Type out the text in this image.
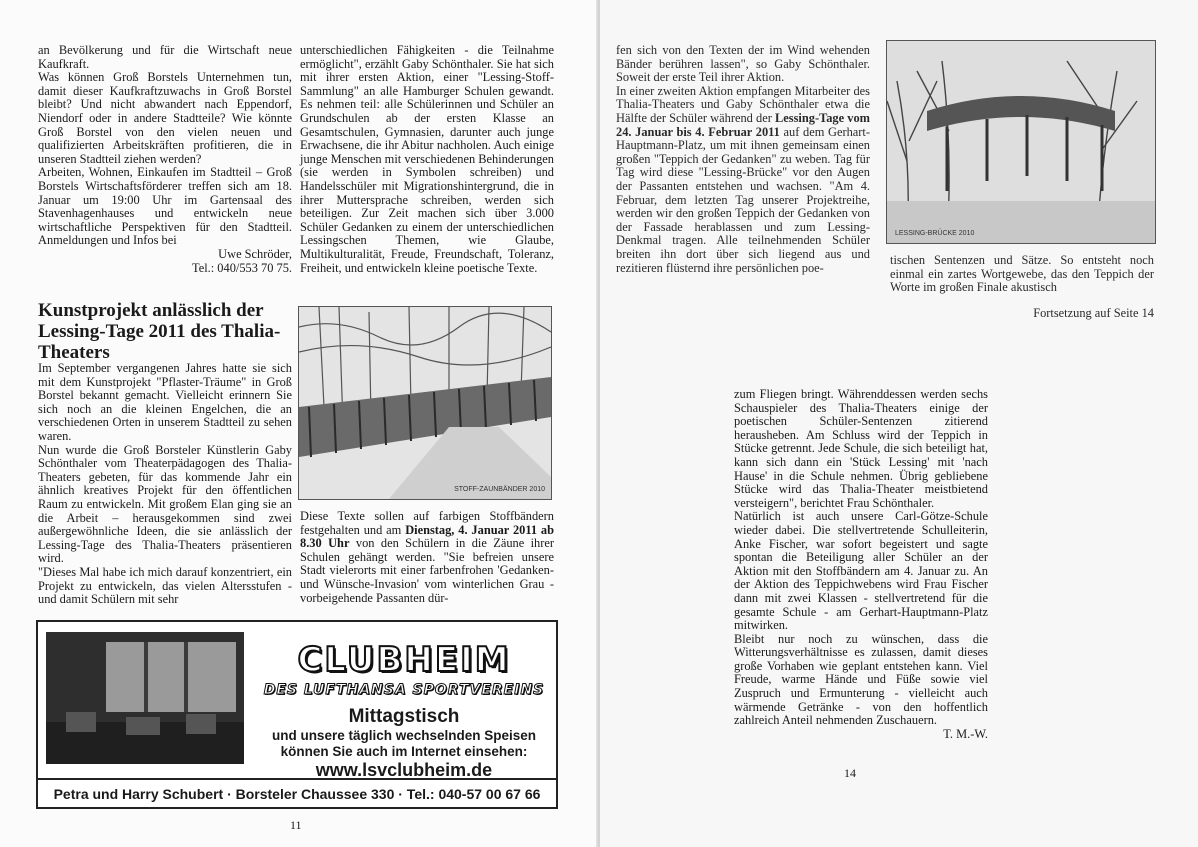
an Bevölkerung und für die Wirtschaft neue Kaufkraft.

Was können Groß Borstels Unternehmen tun, damit dieser Kaufkraftzuwachs in Groß Borstel bleibt? Und nicht abwandert nach Eppendorf, Niendorf oder in andere Stadtteile? Wie könnte Groß Borstel von den vielen neuen und qualifizierten Arbeitskräften profitieren, die in unseren Stadtteil ziehen werden?

Arbeiten, Wohnen, Einkaufen im Stadtteil – Groß Borstels Wirtschaftsförderer treffen sich am 18. Januar um 19:00 Uhr im Gartensaal des Stavenhagenhauses und entwickeln neue wirtschaftliche Perspektiven für den Stadtteil. Anmeldungen und Infos bei

Uwe Schröder,

Tel.: 040/553 70 75.

unterschiedlichen Fähigkeiten - die Teilnahme ermöglicht", erzählt Gaby Schönthaler. Sie hat sich mit ihrer ersten Aktion, einer "Lessing-Stoff-Sammlung" an alle Hamburger Schulen gewandt. Es nehmen teil: alle Schülerinnen und Schüler an Grundschulen ab der ersten Klasse an Gesamtschulen, Gymnasien, darunter auch junge Erwachsene, die ihr Abitur nachholen. Auch einige junge Menschen mit verschiedenen Behinderungen (sie werden in Symbolen schreiben) und Handelsschüler mit Migrationshintergrund, die in ihrer Muttersprache schreiben, werden sich beteiligen. Zur Zeit machen sich über 3.000 Schüler Gedanken zu einem der unterschiedlichen Lessingschen Themen, wie Glaube, Multikulturalität, Freude, Freundschaft, Toleranz, Freiheit, und entwickeln kleine poetische Texte.

Kunstprojekt anlässlich der Lessing-Tage 2011 des Thalia-Theaters

Im September vergangenen Jahres hatte sie sich mit dem Kunstprojekt "Pflaster-Träume" in Groß Borstel bekannt gemacht. Vielleicht erinnern Sie sich noch an die kleinen Engelchen, die an verschiedenen Orten in unserem Stadtteil zu sehen waren.

Nun wurde die Groß Borsteler Künstlerin Gaby Schönthaler vom Theaterpädagogen des Thalia-Theaters gebeten, für das kommende Jahr ein ähnlich kreatives Projekt für den öffentlichen Raum zu entwickeln. Mit großem Elan ging sie an die Arbeit – herausgekommen sind zwei außergewöhnliche Ideen, die sie anlässlich der Lessing-Tage des Thalia-Theaters präsentieren wird.

"Dieses Mal habe ich mich darauf konzentriert, ein Projekt zu entwickeln, das vielen Altersstufen - und damit Schülern mit sehr

STOFF-ZAUNBÄNDER 2010

Diese Texte sollen auf farbigen Stoffbändern festgehalten und am Dienstag, 4. Januar 2011 ab 8.30 Uhr von den Schülern in die Zäune ihrer Schulen gehängt werden. "Sie befreien unsere Stadt vielerorts mit einer farbenfrohen 'Gedanken- und Wünsche-Invasion' vom winterlichen Grau - vorbeigehende Passanten dür-

CLUBHEIM
DES LUFTHANSA SPORTVEREINS
Mittagstisch
und unsere täglich wechselnden Speisen
können Sie auch im Internet einsehen:
www.lsvclubheim.de
Petra und Harry Schubert · Borsteler Chaussee 330 · Tel.: 040-57 00 67 66
11

fen sich von den Texten der im Wind wehenden Bänder berühren lassen", so Gaby Schönthaler. Soweit der erste Teil ihrer Aktion.

In einer zweiten Aktion empfangen Mitarbeiter des Thalia-Theaters und Gaby Schönthaler etwa die Hälfte der Schüler während der Lessing-Tage vom 24. Januar bis 4. Februar 2011 auf dem Gerhart-Hauptmann-Platz, um mit ihnen gemeinsam einen großen "Teppich der Gedanken" zu weben. Tag für Tag wird diese "Lessing-Brücke" vor den Augen der Passanten entstehen und wachsen. "Am 4. Februar, dem letzten Tag unserer Projektreihe, werden wir den großen Teppich der Gedanken von der Fassade herablassen und zum Lessing-Denkmal tragen. Alle teilnehmenden Schüler breiten ihn dort über sich liegend aus und rezitieren flüsternd ihre persönlichen poe-

LESSING-BRÜCKE 2010

tischen Sentenzen und Sätze. So entsteht noch einmal ein zartes Wortgewebe, das den Teppich der Worte im großen Finale akustisch

Fortsetzung auf Seite 14

zum Fliegen bringt. Währenddessen werden sechs Schauspieler des Thalia-Theaters einige der poetischen Schüler-Sentenzen zitierend herausheben. Am Schluss wird der Teppich in Stücke getrennt. Jede Schule, die sich beteiligt hat, kann sich dann ein 'Stück Lessing' mit 'nach Hause' in die Schule nehmen. Übrig gebliebene Stücke wird das Thalia-Theater meistbietend versteigern", berichtet Frau Schönthaler.

Natürlich ist auch unsere Carl-Götze-Schule wieder dabei. Die stellvertretende Schulleiterin, Anke Fischer, war sofort begeistert und sagte spontan die Beteiligung aller Schüler an der Aktion mit den Stoffbändern am 4. Januar zu. An der Aktion des Teppichwebens wird Frau Fischer dann mit zwei Klassen - stellvertretend für die gesamte Schule - am Gerhart-Hauptmann-Platz mitwirken.

Bleibt nur noch zu wünschen, dass die Witterungsverhältnisse es zulassen, damit dieses große Vorhaben wie geplant entstehen kann. Viel Freude, warme Hände und Füße sowie viel Zuspruch und Ermunterung - vielleicht auch wärmende Getränke - von den hoffentlich zahlreich Anteil nehmenden Zuschauern.

T. M.-W.

14
